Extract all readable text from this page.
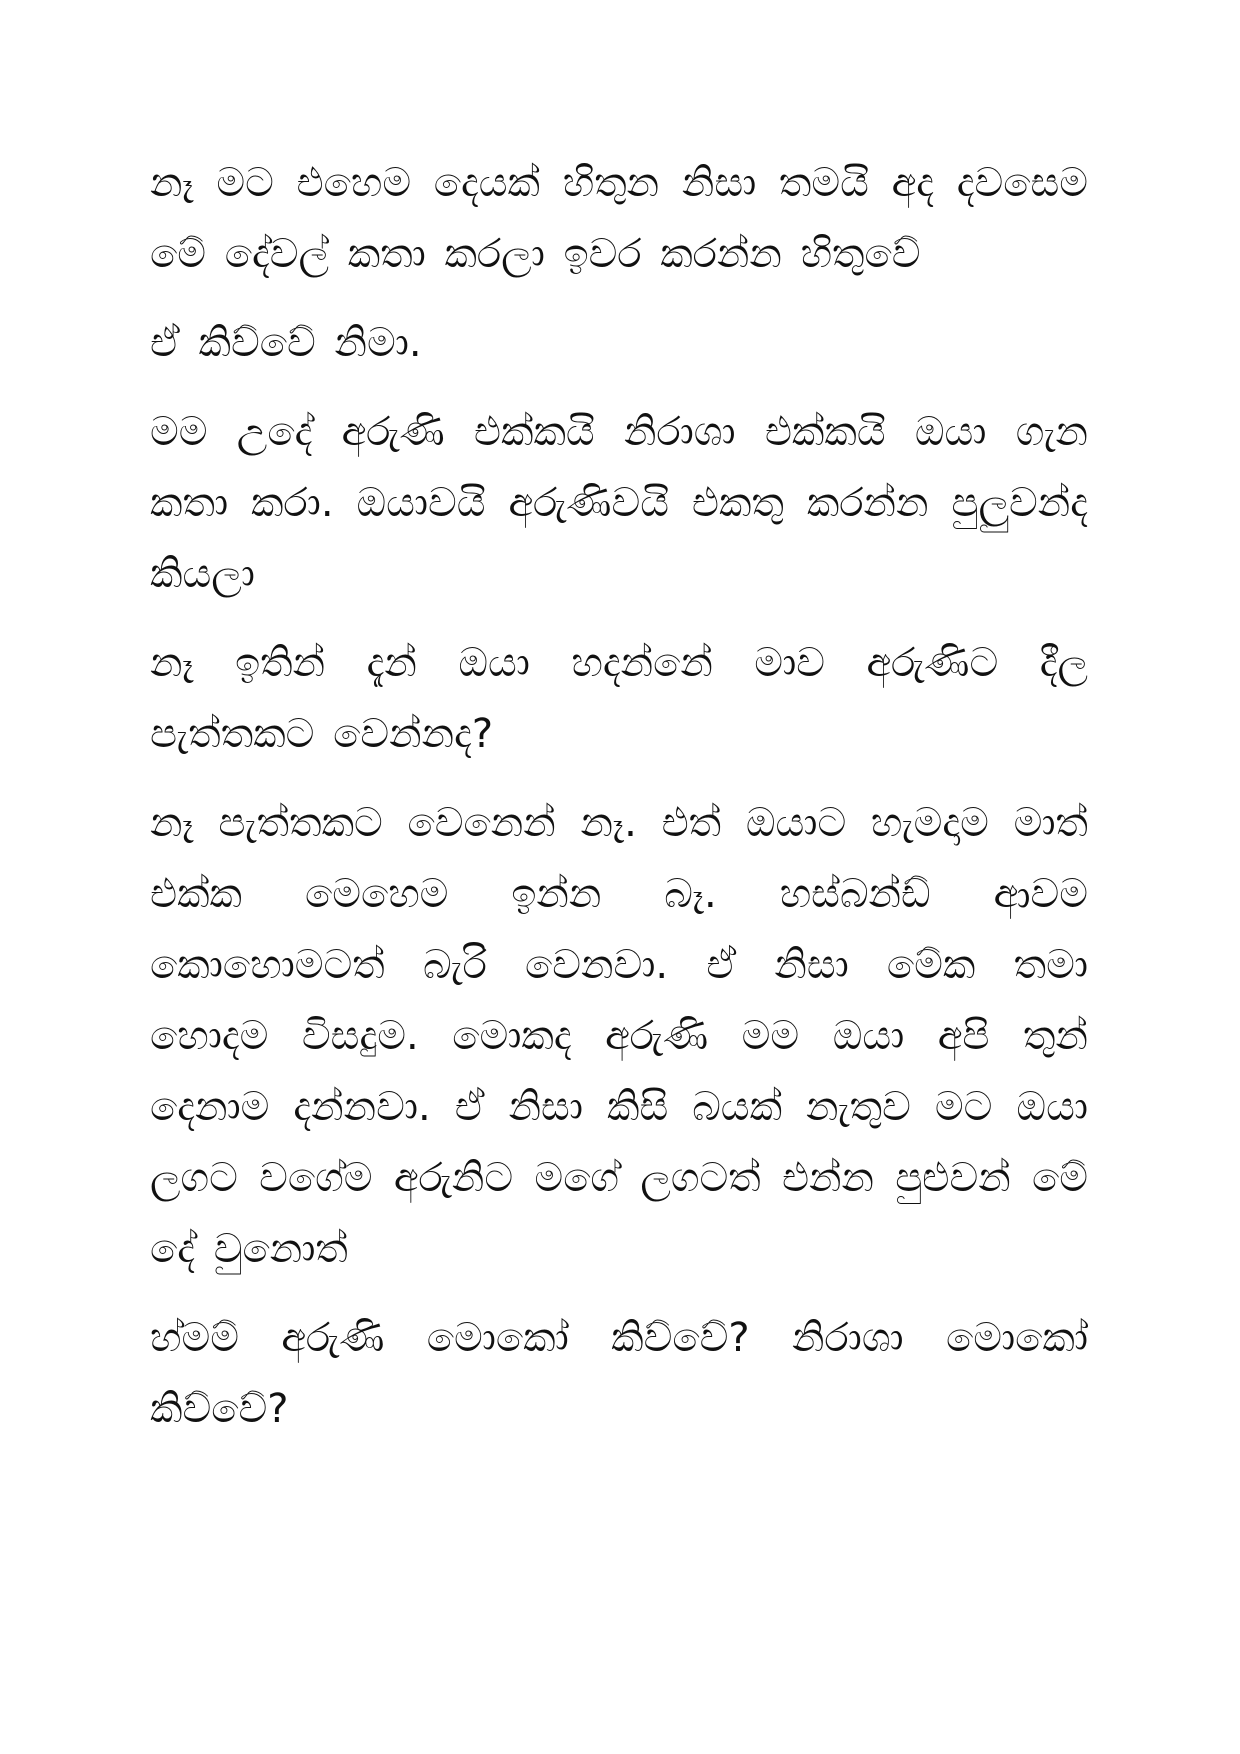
නෑ මට එහෙම දෙයක් හිතුන නිසා තමයි අද දවසෙම මේ දේවල් කතා කරලා ඉවර කරන්න හිතුවේ

ඒ කිව්වේ නිමා.

මම උදේ අරුණි එක්කයි නිරාශා එක්කයි ඔයා ගැන කතා කරා. ඔයාවයි අරුණිවයි එකතු කරන්න පුලුවන්ද කියලා

නෑ ඉතින් දැන් ඔයා හදන්නේ මාව අරුණිට දීල පැත්තකට වෙන්නද?

නෑ පැත්තකට වෙනෙන් නෑ. එත් ඔයාට හැමදාම මාත් එක්ක මෙහෙම ඉන්න බෑ. හස්බන්ඩ් ආවම කොහොමටත් බැරි වෙනවා. ඒ නිසා මේක තමා හොදම විසදුම. මොකද අරුණි මම ඔයා අපි තුන් දෙනාම දන්නවා. ඒ නිසා කිසි බයක් නැතුව මට ඔයා ලගට වගේම අරුනිට මගේ ලගටත් එන්න පුළුවන් මේ දේ වුනොත්

හ්මම් අරුණි මොකෝ කිව්වේ? නිරාශා මොකෝ කිව්වේ?
